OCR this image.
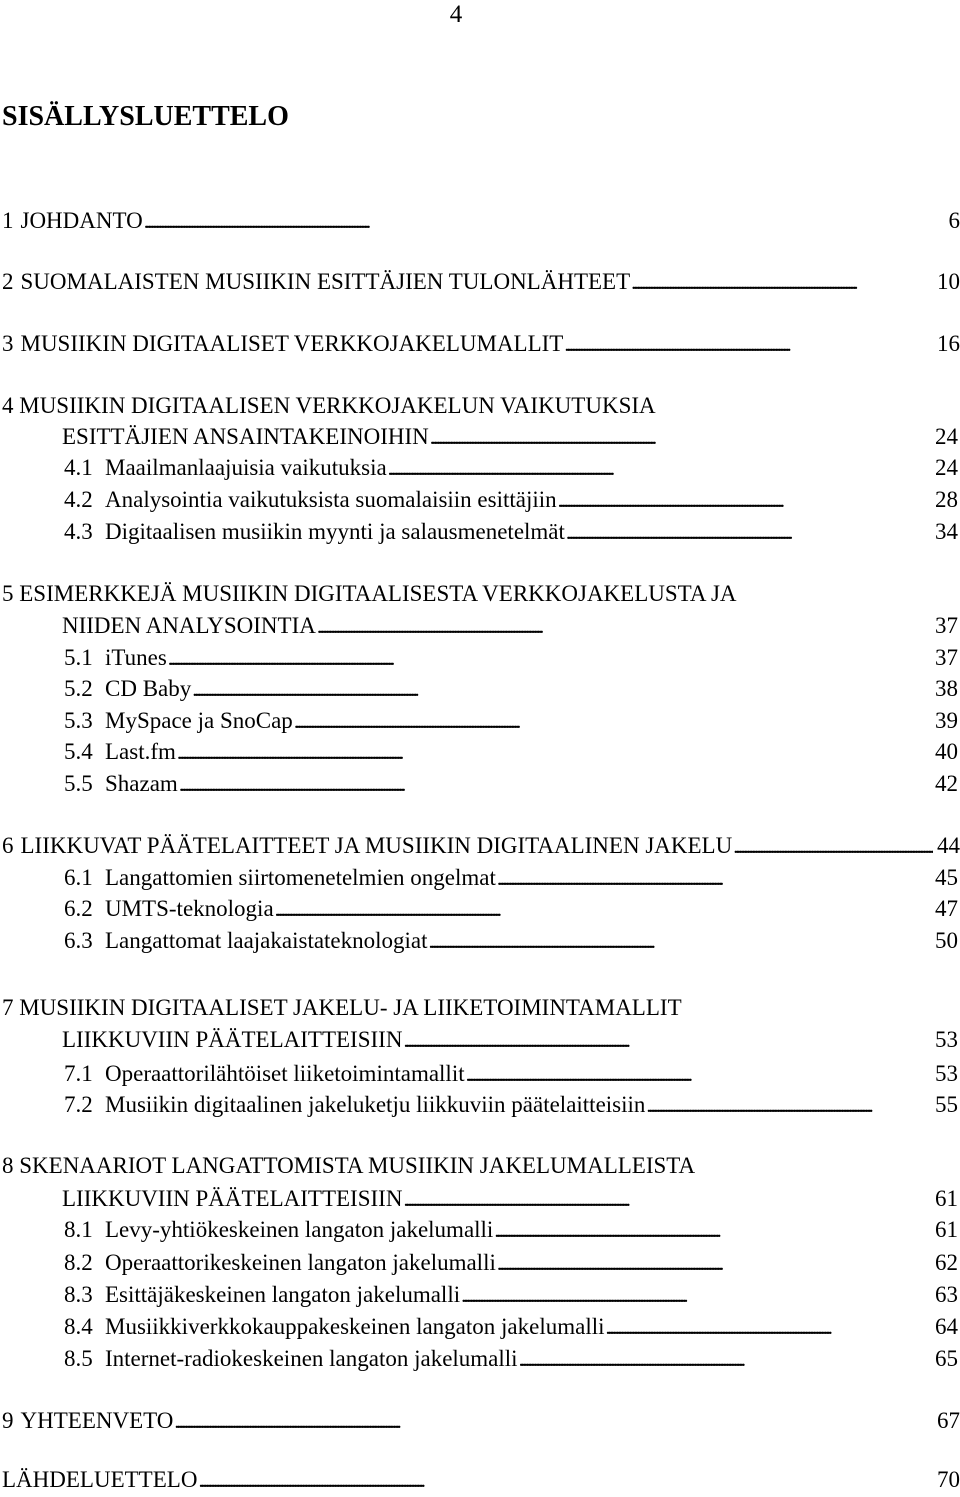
4
SISÄLLYSLUETTELO
1 JOHDANTO . . .	6
2 SUOMALAISTEN MUSIIKIN ESITTÄJIEN TULONLÄHTEET . . .	10
3 MUSIIKIN DIGITAALISET VERKKOJAKELUMALLIT . . .	16
4 MUSIIKIN DIGITAALISEN VERKKOJAKELUN VAIKUTUKSIA
ESITTÄJIEN ANSAINTAKEINOIHIN . . .	24
4.1 Maailmanlaajuisia vaikutuksia . . .	24
4.2 Analysointia vaikutuksista suomalaisiin esittäjiin . . .	28
4.3 Digitaalisen musiikin myynti ja salausmenetelmät . . .	34
5 ESIMERKKEJÄ MUSIIKIN DIGITAALISESTA VERKKOJAKELUSTA JA
NIIDEN ANALYSOINTIA . . .	37
5.1 iTunes . . .	37
5.2 CD Baby . . .	38
5.3 MySpace ja SnoCap . . .	39
5.4 Last.fm . . .	40
5.5 Shazam . . .	42
6 LIIKKUVAT PÄÄTELAITTEET JA MUSIIKIN DIGITAALINEN JAKELU . . .	44
6.1 Langattomien siirtomenetelmien ongelmat . . .	45
6.2 UMTS-teknologia . . .	47
6.3 Langattomat laajakaistateknologiat . . .	50
7 MUSIIKIN DIGITAALISET JAKELU- JA LIIKETOIMINTAMALLIT
LIIKKUVIIN PÄÄTELAITTEISIIN . . .	53
7.1 Operaattorilähtöiset liiketoimintamallit . . .	53
7.2 Musiikin digitaalinen jakeluketju liikkuviin päätelaitteisiin . . .	55
8 SKENAARIOT LANGATTOMISTA MUSIIKIN JAKELUMALLEISTA
LIIKKUVIIN PÄÄTELAITTEISIIN . . .	61
8.1 Levy-yhtiökeskeinen langaton jakelumalli . . .	61
8.2 Operaattorikeskeinen langaton jakelumalli . . .	62
8.3 Esittäjäkeskeinen langaton jakelumalli . . .	63
8.4 Musiikkiverkkokauppakeskeinen langaton jakelumalli . . .	64
8.5 Internet-radiokeskeinen langaton jakelumalli . . .	65
9 YHTEENVETO . . .	67
LÄHDELUETTELO . . .	70
